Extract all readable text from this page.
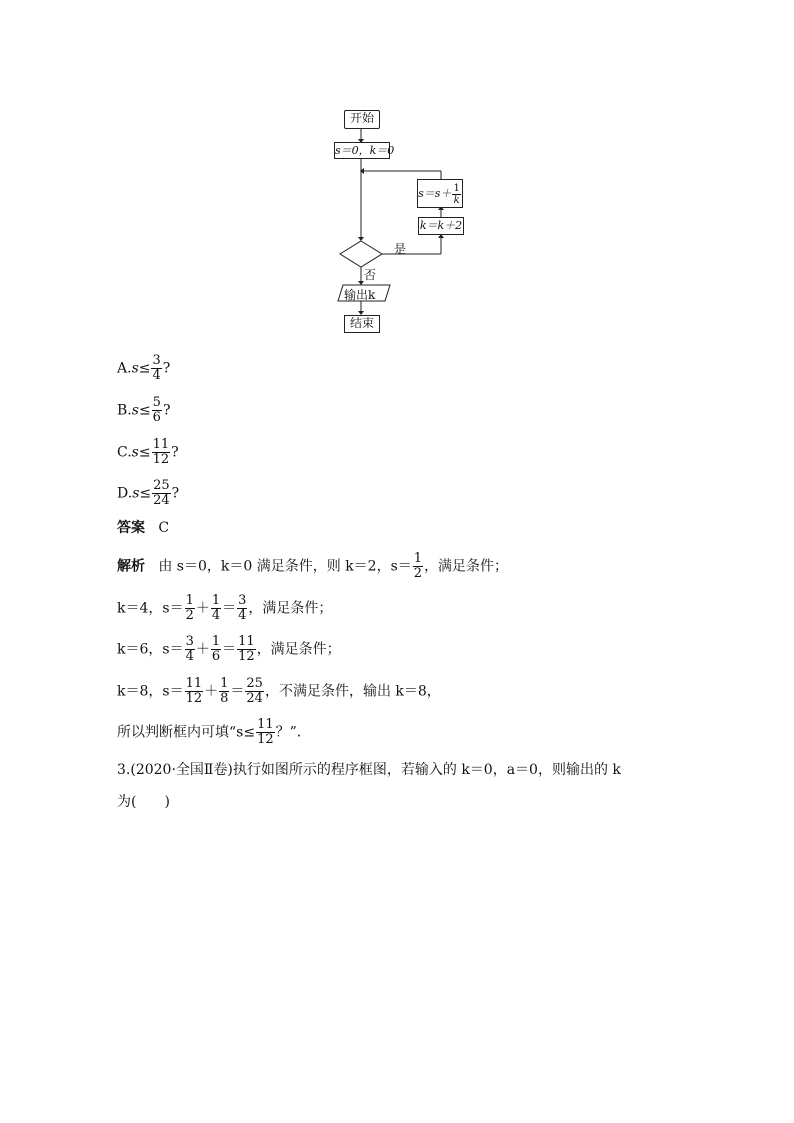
开始
s＝0，k＝0
$s=s+ \frac{1}{k}$
k＝k＋2
是
否
输出k
结束
$A.s\le \frac{3}{4}$ ?
$B.s\le \frac{5}{6}$ ?
$C.s\le \frac{11}{12}$ ?
$D.s\le \frac{25}{24}$ ?
答案 C
解析 由 s＝0，k＝0 满足条件，则 k＝2，$s= \frac{1}{2}$ ，满足条件；
k＝4，$s= \frac{1}{2} + \frac{1}{4} = \frac{3}{4}$ ，满足条件；
k＝6，$s= \frac{3}{4} + \frac{1}{6} = \frac{11}{12}$ ，满足条件；
k＝8，$s= \frac{11}{12} + \frac{1}{8} = \frac{25}{24}$ ，不满足条件，输出 k＝8，
所以判断框内可填“$s\le \frac{11}{12}$ ？”．
3.(2020·全国Ⅱ卷)执行如图所示的程序框图，若输入的 k＝0，a＝0，则输出的 k
为(　　)
